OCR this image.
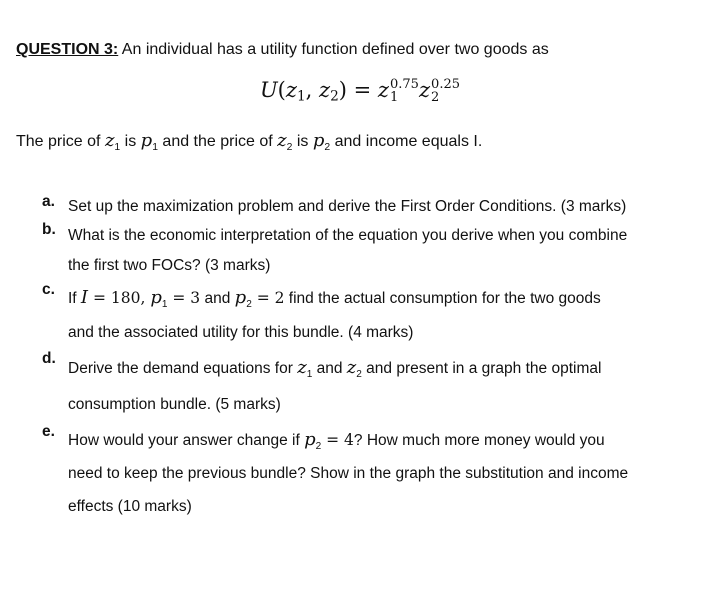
QUESTION 3: An individual has a utility function defined over two goods as
$U(z_1$, $z_2) = z$ 0.75
1 z 0.25
2
The price of $z_1$ is $p_1$ and the price of $z_2$ is $p_2$ and income equals I.
a. Set up the maximization problem and derive the First Order Conditions. (3 marks)
b. What is the economic interpretation of the equation you derive when you combine
the first two FOCs? (3 marks)
c.
If I = 180, $p_1 = 3$ and $p_2 = 2$ find the actual consumption for the two goods
and the associated utility for this bundle. (4 marks)
d.
Derive the demand equations for $z_1$ and $z_2$ and present in a graph the optimal
consumption bundle. (5 marks)
e.
How would your answer change if $p_2 = 4$? How much more money would you
need to keep the previous bundle? Show in the graph the substitution and income
effects (10 marks)
